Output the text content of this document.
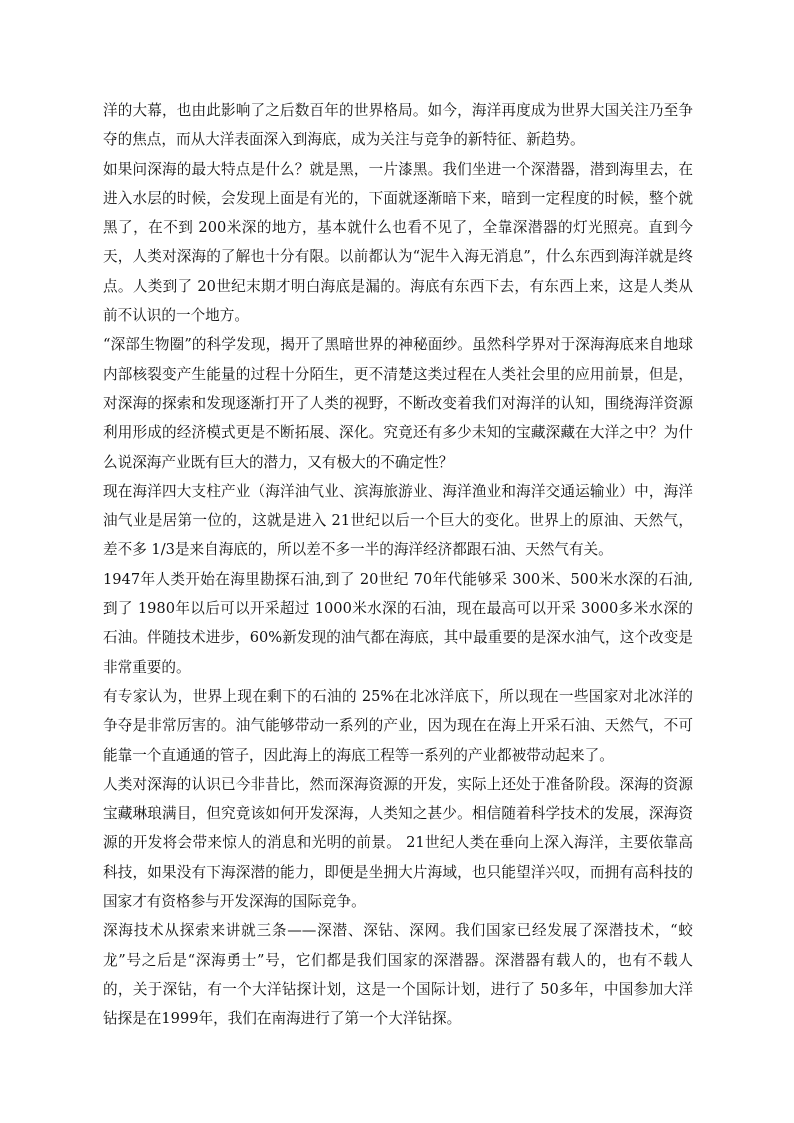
洋的大幕，也由此影响了之后数百年的世界格局。如今，海洋再度成为世界大国关注乃至争夺的焦点，而从大洋表面深入到海底，成为关注与竞争的新特征、新趋势。

如果问深海的最大特点是什么？就是黑，一片漆黑。我们坐进一个深潜器，潜到海里去，在进入水层的时候，会发现上面是有光的，下面就逐渐暗下来，暗到一定程度的时候，整个就黑了，在不到 200米深的地方，基本就什么也看不见了，全靠深潜器的灯光照亮。直到今天，人类对深海的了解也十分有限。以前都认为“泥牛入海无消息”，什么东西到海洋就是终点。人类到了 20世纪末期才明白海底是漏的。海底有东西下去，有东西上来，这是人类从前不认识的一个地方。

“深部生物圈”的科学发现，揭开了黑暗世界的神秘面纱。虽然科学界对于深海海底来自地球内部核裂变产生能量的过程十分陌生，更不清楚这类过程在人类社会里的应用前景，但是，对深海的探索和发现逐渐打开了人类的视野，不断改变着我们对海洋的认知，围绕海洋资源利用形成的经济模式更是不断拓展、深化。究竟还有多少未知的宝藏深藏在大洋之中？为什么说深海产业既有巨大的潜力，又有极大的不确定性？

现在海洋四大支柱产业（海洋油气业、滨海旅游业、海洋渔业和海洋交通运输业）中，海洋油气业是居第一位的，这就是进入 21世纪以后一个巨大的变化。世界上的原油、天然气，差不多 1/3是来自海底的，所以差不多一半的海洋经济都跟石油、天然气有关。

1947年人类开始在海里勘探石油,到了 20世纪 70年代能够采 300米、500米水深的石油,到了 1980年以后可以开采超过 1000米水深的石油，现在最高可以开采 3000多米水深的石油。伴随技术进步，60%新发现的油气都在海底，其中最重要的是深水油气，这个改变是非常重要的。

有专家认为，世界上现在剩下的石油的 25%在北冰洋底下，所以现在一些国家对北冰洋的争夺是非常厉害的。油气能够带动一系列的产业，因为现在在海上开采石油、天然气，不可能靠一个直通通的管子，因此海上的海底工程等一系列的产业都被带动起来了。

人类对深海的认识已今非昔比，然而深海资源的开发，实际上还处于准备阶段。深海的资源宝藏琳琅满目，但究竟该如何开发深海，人类知之甚少。相信随着科学技术的发展，深海资源的开发将会带来惊人的消息和光明的前景。 21世纪人类在垂向上深入海洋，主要依靠高科技，如果没有下海深潜的能力，即便是坐拥大片海域，也只能望洋兴叹，而拥有高科技的国家才有资格参与开发深海的国际竞争。

深海技术从探索来讲就三条——深潜、深钻、深网。我们国家已经发展了深潜技术，“蛟龙”号之后是“深海勇士”号，它们都是我们国家的深潜器。深潜器有载人的，也有不载人的，关于深钻，有一个大洋钻探计划，这是一个国际计划，进行了 50多年，中国参加大洋钻探是在1999年，我们在南海进行了第一个大洋钻探。
